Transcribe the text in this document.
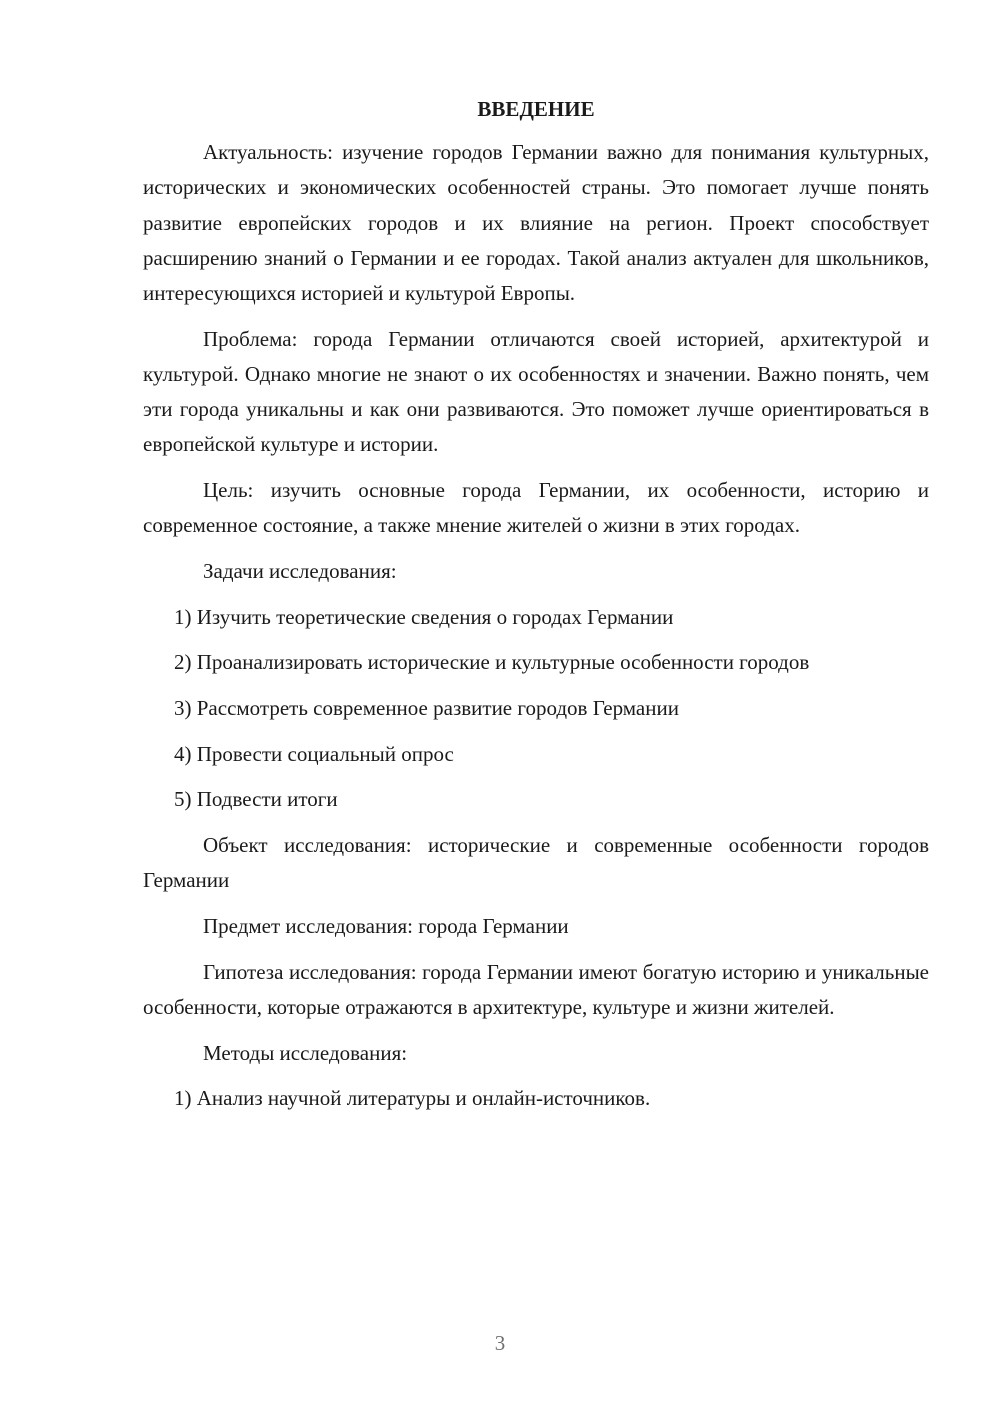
ВВЕДЕНИЕ

Актуальность: изучение городов Германии важно для понимания культурных, исторических и экономических особенностей страны. Это помогает лучше понять развитие европейских городов и их влияние на регион. Проект способствует расширению знаний о Германии и ее городах. Такой анализ актуален для школьников, интересующихся историей и культурой Европы.

Проблема: города Германии отличаются своей историей, архитектурой и культурой. Однако многие не знают о их особенностях и значении. Важно понять, чем эти города уникальны и как они развиваются. Это поможет лучше ориентироваться в европейской культуре и истории.

Цель: изучить основные города Германии, их особенности, историю и современное состояние, а также мнение жителей о жизни в этих городах.

Задачи исследования:

1) Изучить теоретические сведения о городах Германии

2) Проанализировать исторические и культурные особенности городов

3) Рассмотреть современное развитие городов Германии

4) Провести социальный опрос

5) Подвести итоги

Объект исследования: исторические и современные особенности городов Германии

Предмет исследования: города Германии

Гипотеза исследования: города Германии имеют богатую историю и уникальные особенности, которые отражаются в архитектуре, культуре и жизни жителей.

Методы исследования:

1) Анализ научной литературы и онлайн-источников.

3
